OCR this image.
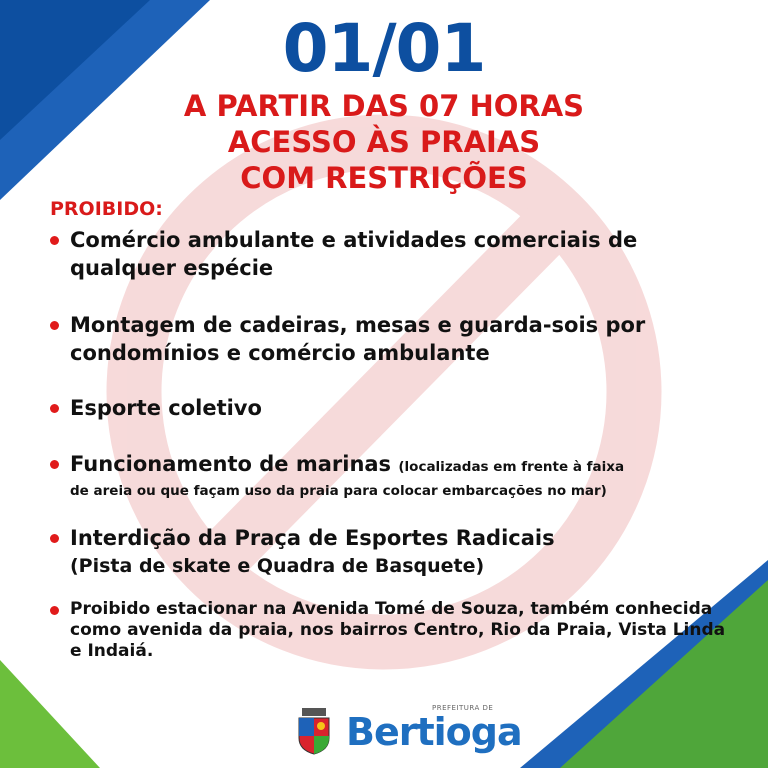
01/01
A PARTIR DAS 07 HORAS
ACESSO ÀS PRAIAS
COM RESTRIÇÕES
PROIBIDO:
Comércio ambulante e atividades comerciais de qualquer espécie
Montagem de cadeiras, mesas e guarda-sois por condomínios e comércio ambulante
Esporte coletivo
Funcionamento de marinas (localizadas em frente à faixa
de areia ou que façam uso da praia para colocar embarcações no mar)
Interdição da Praça de Esportes Radicais
(Pista de skate e Quadra de Basquete)
Proibido estacionar na Avenida Tomé de Souza, também conhecida como avenida da praia, nos bairros Centro, Rio da Praia, Vista Linda e Indaiá.
PREFEITURA DE
Bertioga
